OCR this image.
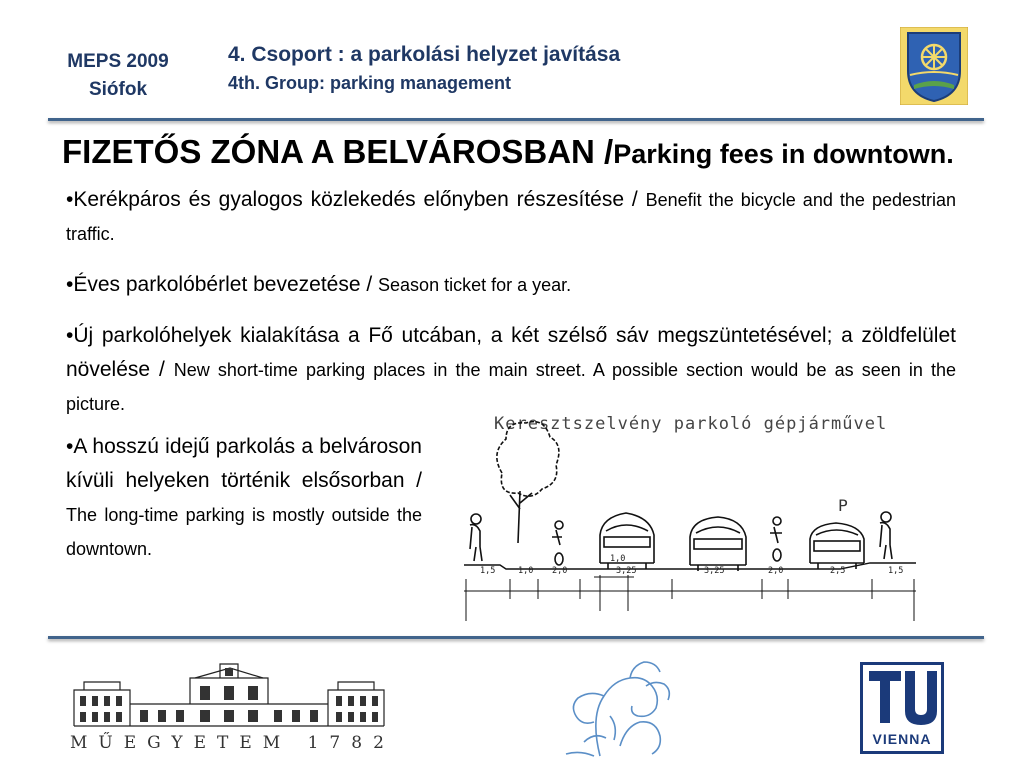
MEPS 2009
Siófok
4. Csoport : a parkolási helyzet javítása
4th. Group: parking management
FIZETŐS ZÓNA A BELVÁROSBAN /Parking fees in downtown.
•Kerékpáros és gyalogos közlekedés előnyben részesítése / Benefit the bicycle and the pedestrian traffic.
•Éves parkolóbérlet bevezetése / Season ticket for a year.
•Új parkolóhelyek kialakítása a Fő utcában, a két szélső sáv megszüntetésével; a zöldfelület növelése / New short-time parking places in the main street. A possible section would be as seen in the picture.
•A hosszú idejű parkolás a belvároson kívüli helyeken történik elsősorban / The long-time parking is mostly outside the downtown.
Keresztszelvény parkoló gépjárművel
1,5	1,0 2,0	3,25
1,0
3,25	2,0	2,5	1,5
P
MŰEGYETEM 1782	VIENNA
